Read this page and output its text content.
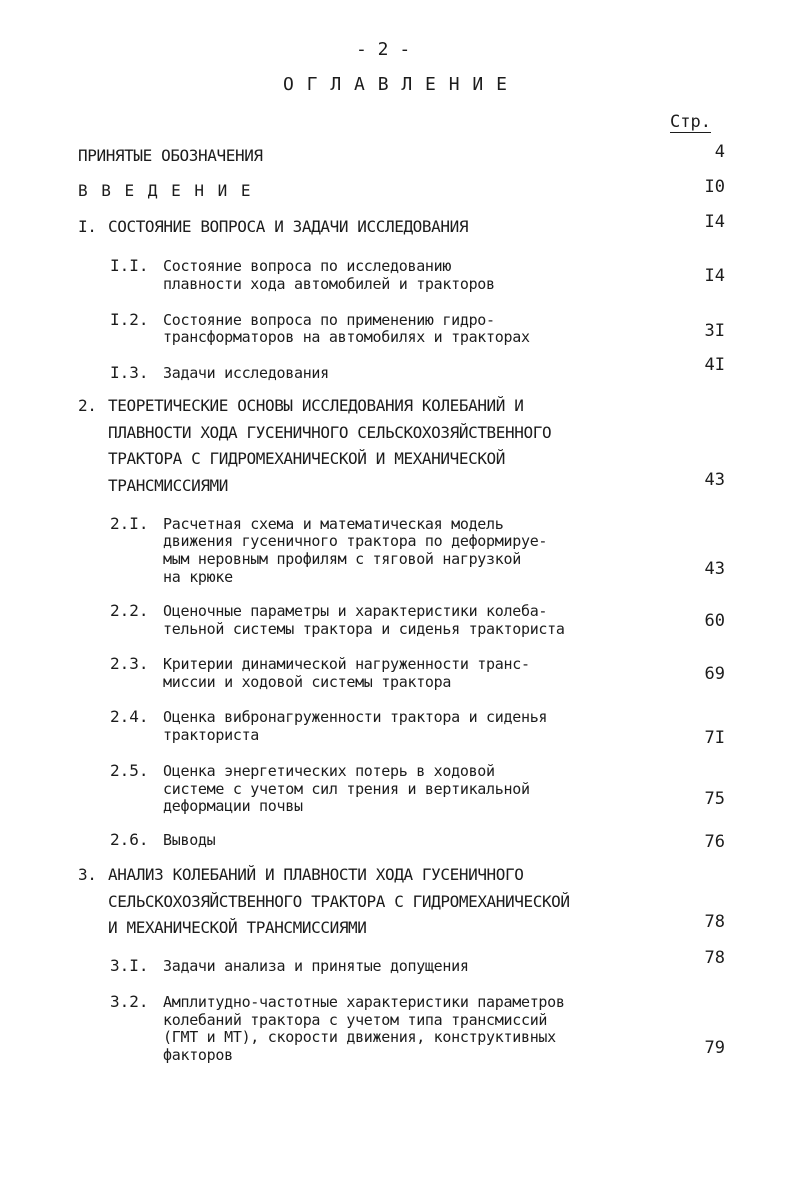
- 2 -
О Г Л А В Л Е Н И Е
Стр.
ПРИНЯТЫЕ ОБОЗНАЧЕНИЯ	4
В В Е Д Е Н И Е	I0
I. СОСТОЯНИЕ ВОПРОСА И ЗАДАЧИ ИССЛЕДОВАНИЯ	I4
I.I. Состояние вопроса по исследованию
плавности хода автомобилей и тракторов	I4
I.2. Состояние вопроса по применению гидро-
трансформаторов на автомобилях и тракторах	3I
I.3. Задачи исследования	4I
2. ТЕОРЕТИЧЕСКИЕ ОСНОВЫ ИССЛЕДОВАНИЯ КОЛЕБАНИЙ И
ПЛАВНОСТИ ХОДА ГУСЕНИЧНОГО СЕЛЬСКОХОЗЯЙСТВЕННОГО
ТРАКТОРА С ГИДРОМЕХАНИЧЕСКОЙ И МЕХАНИЧЕСКОЙ
ТРАНСМИССИЯМИ	43
2.I. Расчетная схема и математическая модель
движения гусеничного трактора по деформируе-
мым неровным профилям с тяговой нагрузкой
на крюке	43
2.2. Оценочные параметры и характеристики колеба-
тельной системы трактора и сиденья тракториста	60
2.3. Критерии динамической нагруженности транс-
миссии и ходовой системы трактора	69
2.4. Оценка вибронагруженности трактора и сиденья
тракториста	7I
2.5. Оценка энергетических потерь в ходовой
системе с учетом сил трения и вертикальной
деформации почвы	75
2.6. Выводы	76
3. АНАЛИЗ КОЛЕБАНИЙ И ПЛАВНОСТИ ХОДА ГУСЕНИЧНОГО
СЕЛЬСКОХОЗЯЙСТВЕННОГО ТРАКТОРА С ГИДРОМЕХАНИЧЕСКОЙ
И МЕХАНИЧЕСКОЙ ТРАНСМИССИЯМИ	78
3.I. Задачи анализа и принятые допущения	78
3.2. Амплитудно-частотные характеристики параметров
колебаний трактора с учетом типа трансмиссий
(ГМТ и МТ), скорости движения, конструктивных
факторов	79
